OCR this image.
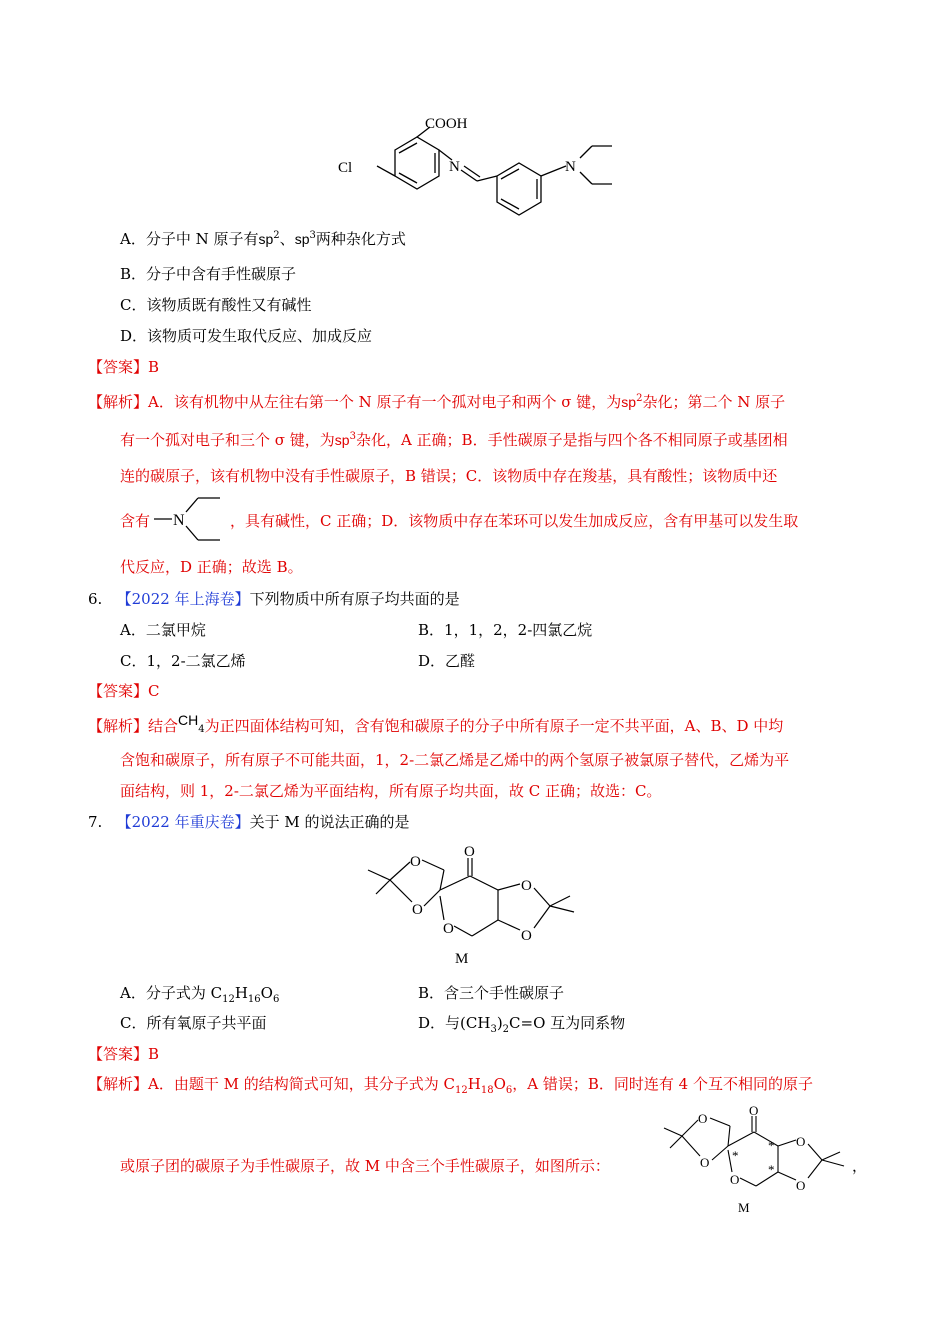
COOH
Cl	N	N
A．分子中 N 原子有$sp^2$、$sp^3$两种杂化方式
B．分子中含有手性碳原子
C．该物质既有酸性又有碱性
D．该物质可发生取代反应、加成反应
【答案】B
【解析】A．该有机物中从左往右第一个 N 原子有一个孤对电子和两个 σ 键，为$sp^2$杂化；第二个 N 原子
有一个孤对电子和三个 σ 键，为$sp^3$杂化，A 正确；B．手性碳原子是指与四个各不相同原子或基团相
连的碳原子，该有机物中没有手性碳原子，B 错误；C．该物质中存在羧基，具有酸性；该物质中还
含有 N	，具有碱性，C 正确；D．该物质中存在苯环可以发生加成反应，含有甲基可以发生取
代反应，D 正确；故选 B。
6. 【2022 年上海卷】下列物质中所有原子均共面的是
A．二氯甲烷	B．1，1，2，2-四氯乙烷
C．1，2-二氯乙烯	D．乙醛
【答案】C
【解析】结合$CH_4$为正四面体结构可知，含有饱和碳原子的分子中所有原子一定不共平面，A、B、D 中均
含饱和碳原子，所有原子不可能共面，1，2-二氯乙烯是乙烯中的两个氢原子被氯原子替代，乙烯为平
面结构，则 1，2-二氯乙烯为平面结构，所有原子均共面，故 C 正确；故选：C。
7. 【2022 年重庆卷】关于 M 的说法正确的是
O
O
O
O
O
O
M
A．分子式为 $C_{12}H_{16}O_6$	B．含三个手性碳原子
C．所有氧原子共平面	D．与$(CH_3)_2C=O$ 互为同系物
【答案】B
【解析】A．由题干 M 的结构简式可知，其分子式为 $C_{12}H_{18}O_6$，A 错误；B．同时连有 4 个互不相同的原子
或原子团的碳原子为手性碳原子，故 M 中含三个手性碳原子，如图所示：
O
O
O
O
O
O
*
*
*
M
，
